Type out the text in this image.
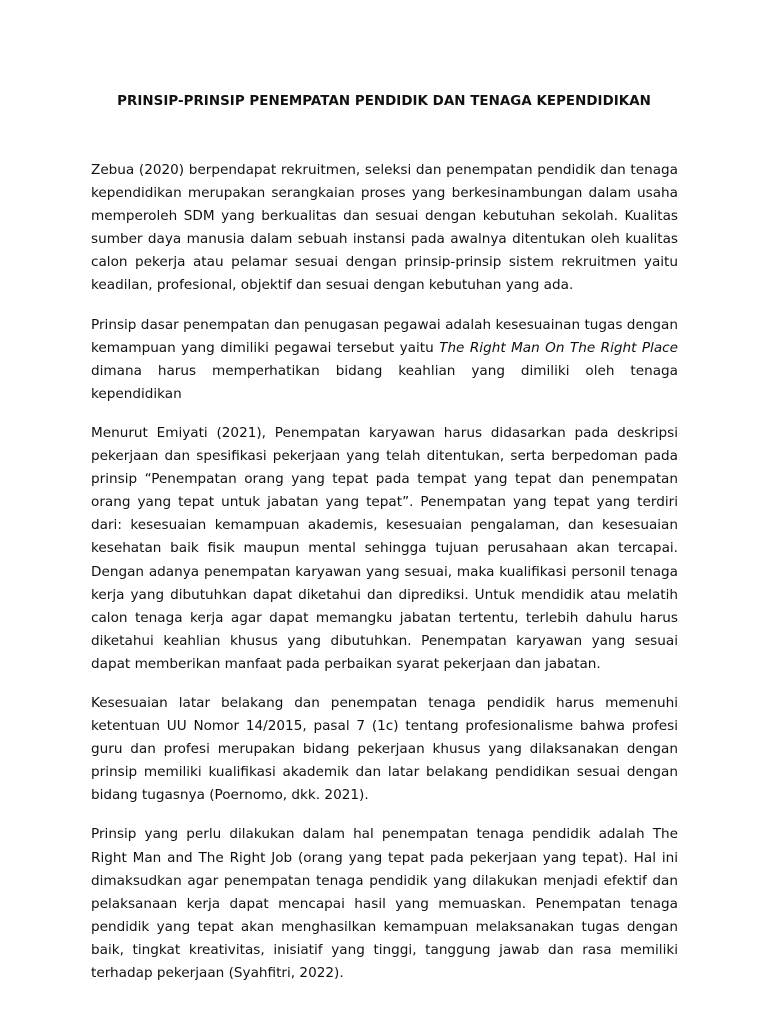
PRINSIP-PRINSIP PENEMPATAN PENDIDIK DAN TENAGA KEPENDIDIKAN

Zebua (2020) berpendapat rekruitmen, seleksi dan penempatan pendidik dan tenaga kependidikan merupakan serangkaian proses yang berkesinambungan dalam usaha memperoleh SDM yang berkualitas dan sesuai dengan kebutuhan sekolah. Kualitas sumber daya manusia dalam sebuah instansi pada awalnya ditentukan oleh kualitas calon pekerja atau pelamar sesuai dengan prinsip-prinsip sistem rekruitmen yaitu keadilan, profesional, objektif dan sesuai dengan kebutuhan yang ada.

Prinsip dasar penempatan dan penugasan pegawai adalah kesesuainan tugas dengan kemampuan yang dimiliki pegawai tersebut yaitu The Right Man On The Right Place dimana harus memperhatikan bidang keahlian yang dimiliki oleh tenaga kependidikan

Menurut Emiyati (2021), Penempatan karyawan harus didasarkan pada deskripsi pekerjaan dan spesifikasi pekerjaan yang telah ditentukan, serta berpedoman pada prinsip “Penempatan orang yang tepat pada tempat yang tepat dan penempatan orang yang tepat untuk jabatan yang tepat”. Penempatan yang tepat yang terdiri dari: kesesuaian kemampuan akademis, kesesuaian pengalaman, dan kesesuaian kesehatan baik fisik maupun mental sehingga tujuan perusahaan akan tercapai. Dengan adanya penempatan karyawan yang sesuai, maka kualifikasi personil tenaga kerja yang dibutuhkan dapat diketahui dan diprediksi. Untuk mendidik atau melatih calon tenaga kerja agar dapat memangku jabatan tertentu, terlebih dahulu harus diketahui keahlian khusus yang dibutuhkan. Penempatan karyawan yang sesuai dapat memberikan manfaat pada perbaikan syarat pekerjaan dan jabatan.

Kesesuaian latar belakang dan penempatan tenaga pendidik harus memenuhi ketentuan UU Nomor 14/2015, pasal 7 (1c) tentang profesionalisme bahwa profesi guru dan profesi merupakan bidang pekerjaan khusus yang dilaksanakan dengan prinsip memiliki kualifikasi akademik dan latar belakang pendidikan sesuai dengan bidang tugasnya (Poernomo, dkk. 2021).

Prinsip yang perlu dilakukan dalam hal penempatan tenaga pendidik adalah The Right Man and The Right Job (orang yang tepat pada pekerjaan yang tepat). Hal ini dimaksudkan agar penempatan tenaga pendidik yang dilakukan menjadi efektif dan pelaksanaan kerja dapat mencapai hasil yang memuaskan. Penempatan tenaga pendidik yang tepat akan menghasilkan kemampuan melaksanakan tugas dengan baik, tingkat kreativitas, inisiatif yang tinggi, tanggung jawab dan rasa memiliki terhadap pekerjaan (Syahfitri, 2022).
